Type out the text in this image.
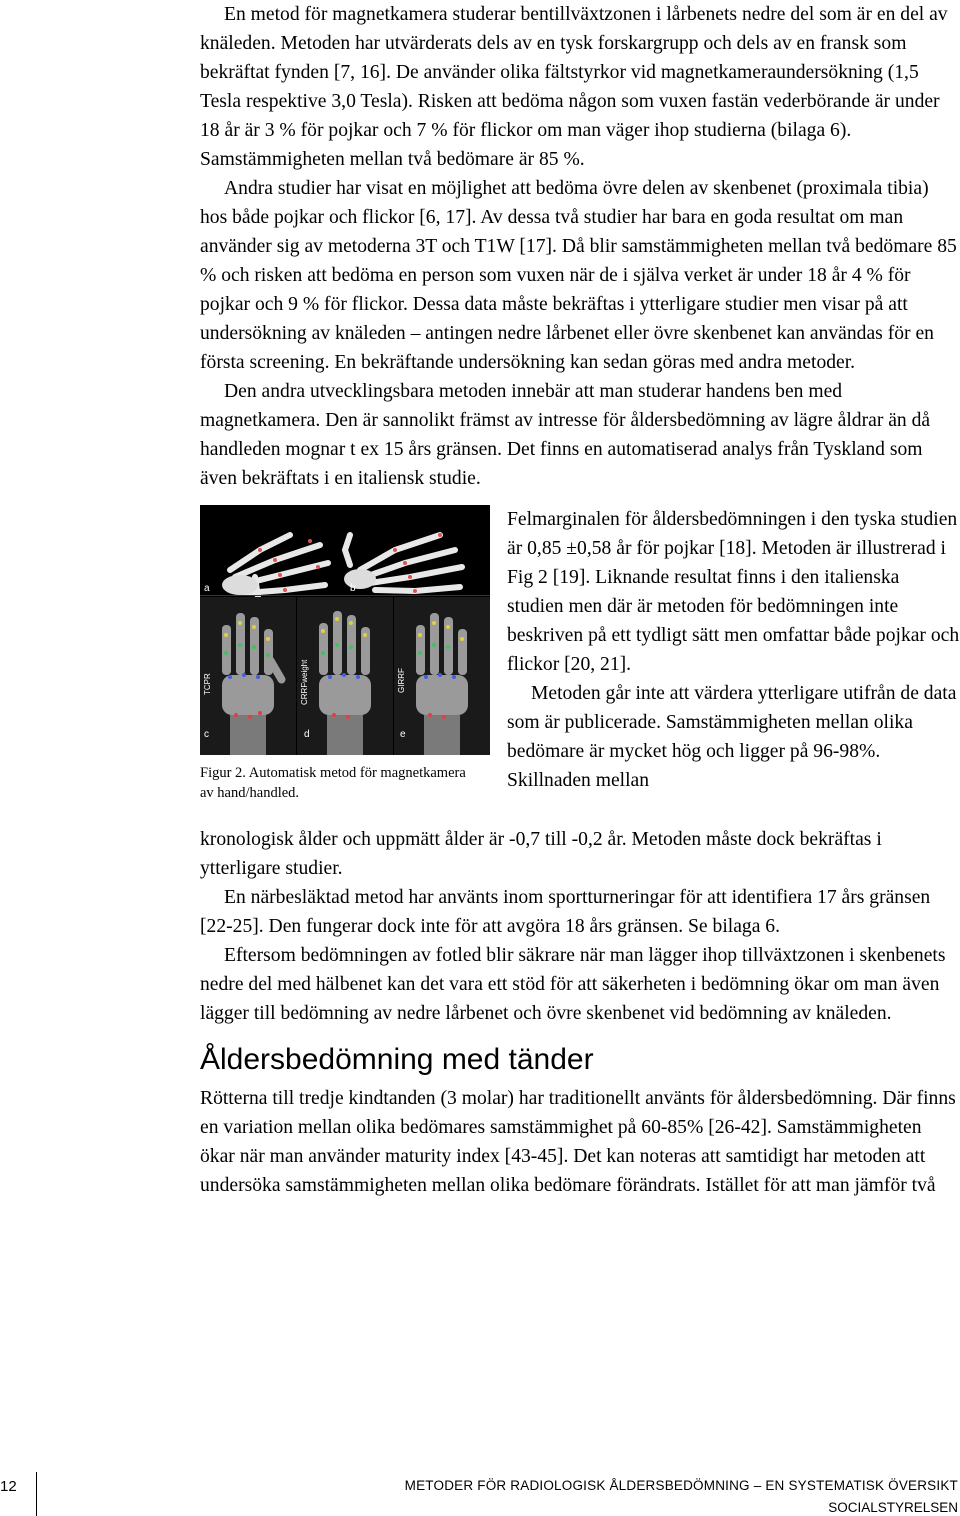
En metod för magnetkamera studerar bentillväxtzonen i lårbenets nedre del som är en del av knäleden. Metoden har utvärderats dels av en tysk forskargrupp och dels av en fransk som bekräftat fynden [7, 16]. De använder olika fältstyrkor vid magnetkameraundersökning (1,5 Tesla respektive 3,0 Tesla). Risken att bedöma någon som vuxen fastän vederbörande är under 18 år är 3 % för pojkar och 7 % för flickor om man väger ihop studierna (bilaga 6).

Samstämmigheten mellan två bedömare är 85 %.

Andra studier har visat en möjlighet att bedöma övre delen av skenbenet (proximala tibia) hos både pojkar och flickor [6, 17]. Av dessa två studier har bara en goda resultat om man använder sig av metoderna 3T och T1W [17]. Då blir samstämmigheten mellan två bedömare 85 % och risken att bedöma en person som vuxen när de i själva verket är under 18 år 4 % för pojkar och 9 % för flickor. Dessa data måste bekräftas i ytterligare studier men visar på att undersökning av knäleden – antingen nedre lårbenet eller övre skenbenet kan användas för en första screening. En bekräftande undersökning kan sedan göras med andra metoder.

Den andra utvecklingsbara metoden innebär att man studerar handens ben med magnetkamera. Den är sannolikt främst av intresse för åldersbedömning av lägre åldrar än då handleden mognar t ex 15 års gränsen. Det finns en automatiserad analys från Tyskland som även bekräftats i en italiensk studie.

a	b
c	d	e
TCPR	CRRFweight	GIRRF
Figur 2. Automatisk metod för magnetkamera av hand/handled.

Felmarginalen för åldersbedömningen i den tyska studien är 0,85 ±0,58 år för pojkar [18]. Metoden är illustrerad i Fig 2 [19]. Liknande resultat finns i den italienska studien men där är metoden för bedömningen inte beskriven på ett tydligt sätt men omfattar både pojkar och flickor [20, 21].

Metoden går inte att värdera ytterligare utifrån de data som är publicerade. Samstämmigheten mellan olika bedömare är mycket hög och ligger på 96-98%. Skillnaden mellan

kronologisk ålder och uppmätt ålder är -0,7 till -0,2 år. Metoden måste dock bekräftas i ytterligare studier.

En närbesläktad metod har använts inom sportturneringar för att identifiera 17 års gränsen [22-25]. Den fungerar dock inte för att avgöra 18 års gränsen. Se bilaga 6.

Eftersom bedömningen av fotled blir säkrare när man lägger ihop tillväxtzonen i skenbenets nedre del med hälbenet kan det vara ett stöd för att säkerheten i bedömning ökar om man även lägger till bedömning av nedre lårbenet och övre skenbenet vid bedömning av knäleden.

Åldersbedömning med tänder

Rötterna till tredje kindtanden (3 molar) har traditionellt använts för åldersbedömning. Där finns en variation mellan olika bedömares samstämmighet på 60-85% [26-42]. Samstämmigheten ökar när man använder maturity index [43-45]. Det kan noteras att samtidigt har metoden att undersöka samstämmigheten mellan olika bedömare förändrats. Istället för att man jämför två

12	METODER FÖR RADIOLOGISK ÅLDERSBEDÖMNING – EN SYSTEMATISK ÖVERSIKT
SOCIALSTYRELSEN
